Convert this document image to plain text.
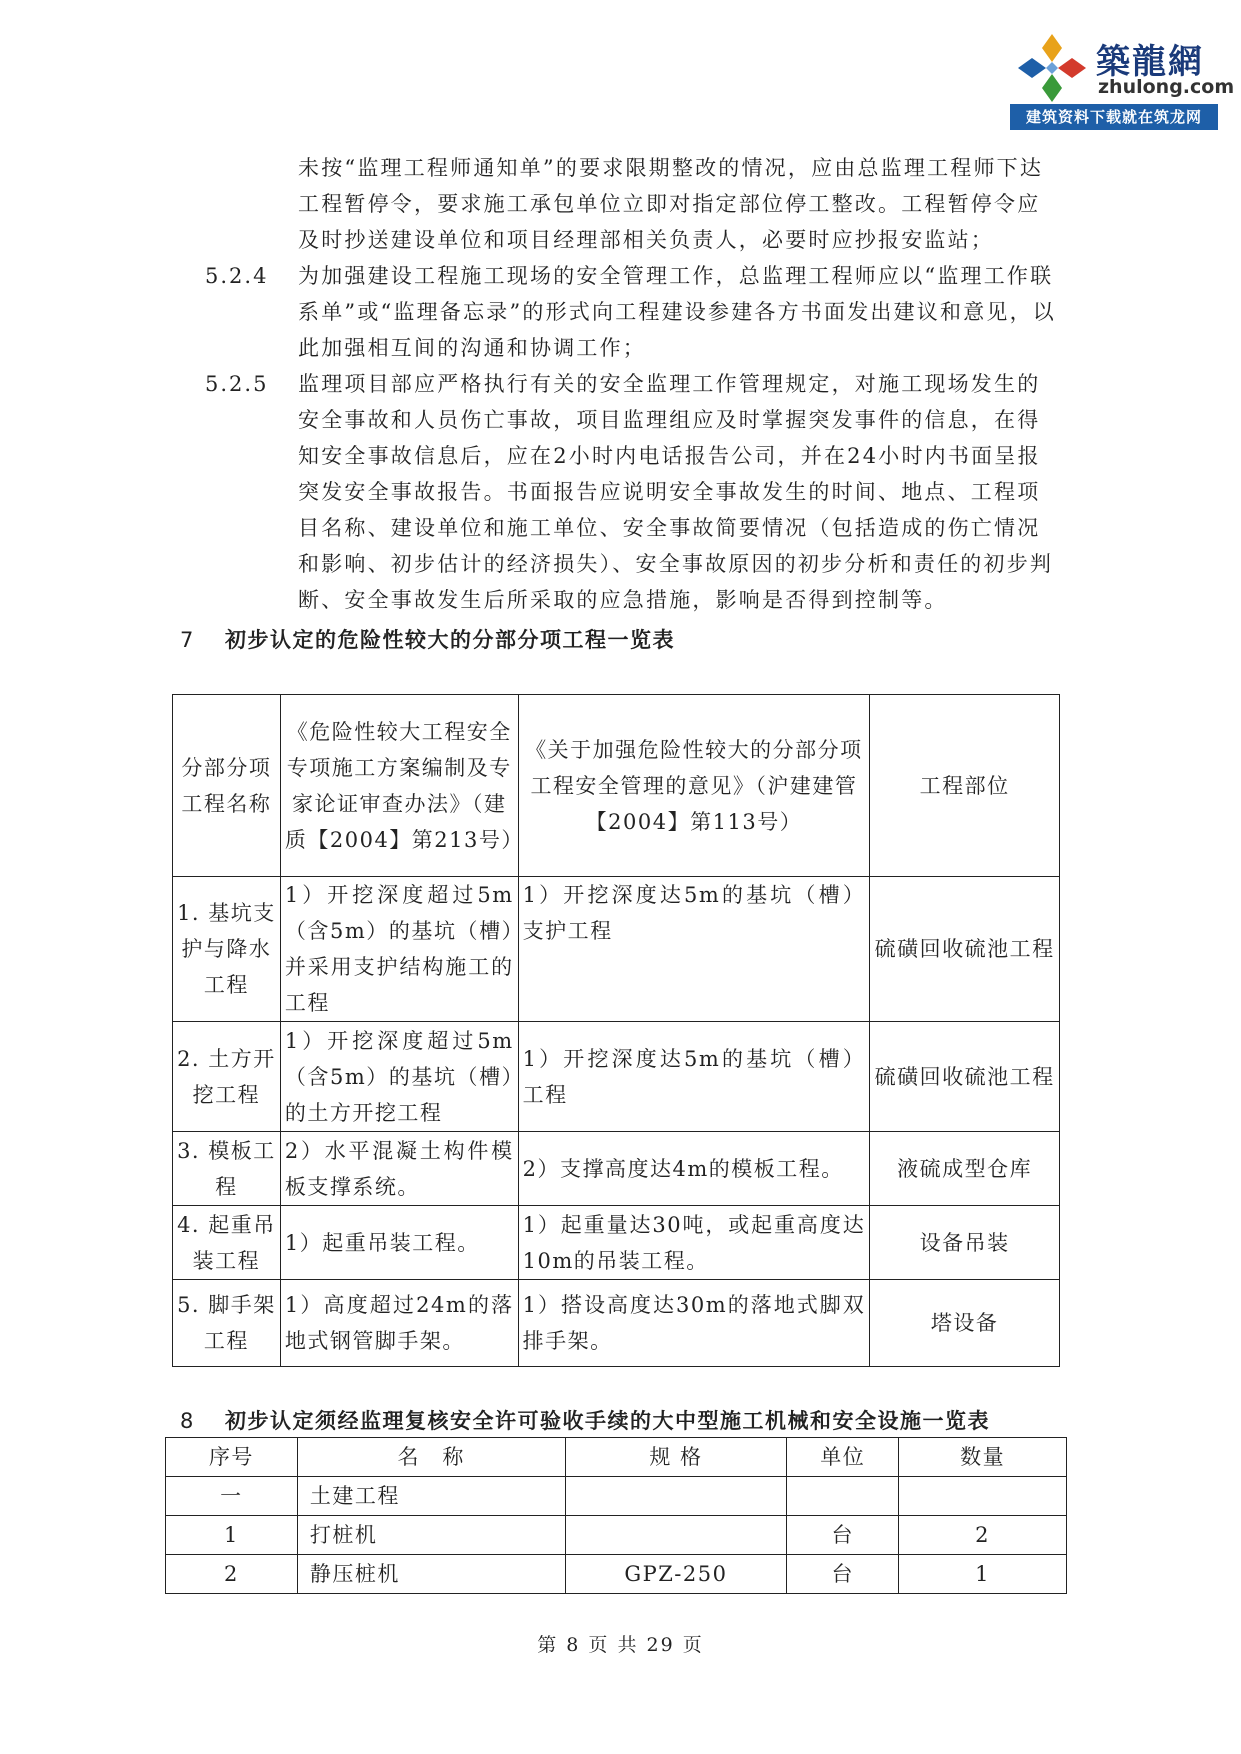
築龍網
zhulong.com
建筑资料下载就在筑龙网
未按“监理工程师通知单”的要求限期整改的情况，应由总监理工程师下达工程暂停令，要求施工承包单位立即对指定部位停工整改。工程暂停令应及时抄送建设单位和项目经理部相关负责人，必要时应抄报安监站；
5.2.4 为加强建设工程施工现场的安全管理工作，总监理工程师应以“监理工作联系单”或“监理备忘录”的形式向工程建设参建各方书面发出建议和意见，以此加强相互间的沟通和协调工作；
5.2.5 监理项目部应严格执行有关的安全监理工作管理规定，对施工现场发生的安全事故和人员伤亡事故，项目监理组应及时掌握突发事件的信息，在得知安全事故信息后，应在2小时内电话报告公司，并在24小时内书面呈报突发安全事故报告。书面报告应说明安全事故发生的时间、地点、工程项目名称、建设单位和施工单位、安全事故简要情况（包括造成的伤亡情况和影响、初步估计的经济损失）、安全事故原因的初步分析和责任的初步判断、安全事故发生后所采取的应急措施，影响是否得到控制等。
7 初步认定的危险性较大的分部分项工程一览表
分部分项工程名称	《危险性较大工程安全专项施工方案编制及专家论证审查办法》（建质【2004】第213号）	《关于加强危险性较大的分部分项工程安全管理的意见》（沪建建管【2004】第113号）	工程部位
1. 基坑支护与降水工程	1）开挖深度超过5m（含5m）的基坑（槽）并采用支护结构施工的工程	1）开挖深度达5m的基坑（槽）支护工程	硫磺回收硫池工程
2. 土方开挖工程	1）开挖深度超过5m（含5m）的基坑（槽）的土方开挖工程	1）开挖深度达5m的基坑（槽）工程	硫磺回收硫池工程
3. 模板工程	2）水平混凝土构件模板支撑系统。	2）支撑高度达4m的模板工程。	液硫成型仓库
4. 起重吊装工程	1）起重吊装工程。	1）起重量达30吨，或起重高度达10m的吊装工程。	设备吊装
5. 脚手架工程	1）高度超过24m的落地式钢管脚手架。	1）搭设高度达30m的落地式脚双排手架。	塔设备
8 初步认定须经监理复核安全许可验收手续的大中型施工机械和安全设施一览表
序号	名　称	规 格	单位	数量
一	土建工程			
1	打桩机		台	2
2	静压桩机	GPZ-250	台	1
第 8 页 共 29 页
